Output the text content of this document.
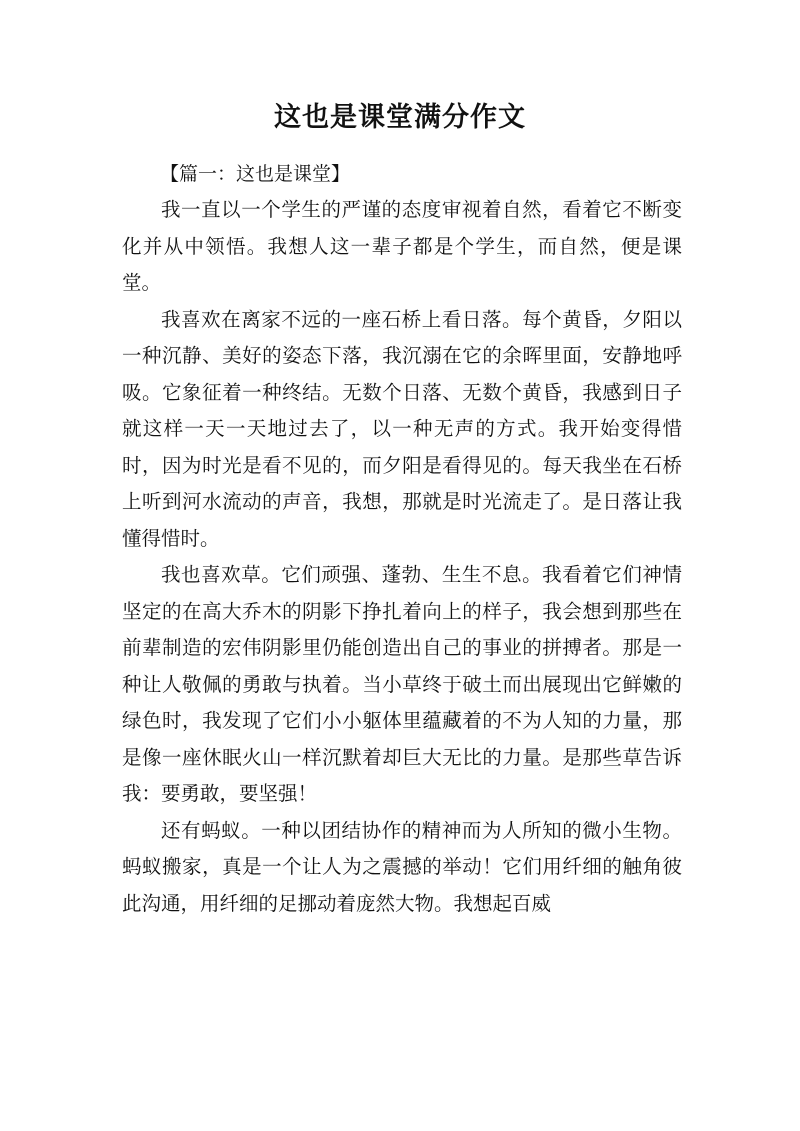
这也是课堂满分作文

【篇一：这也是课堂】

我一直以一个学生的严谨的态度审视着自然，看着它不断变化并从中领悟。我想人这一辈子都是个学生，而自然，便是课堂。

我喜欢在离家不远的一座石桥上看日落。每个黄昏，夕阳以一种沉静、美好的姿态下落，我沉溺在它的余晖里面，安静地呼吸。它象征着一种终结。无数个日落、无数个黄昏，我感到日子就这样一天一天地过去了，以一种无声的方式。我开始变得惜时，因为时光是看不见的，而夕阳是看得见的。每天我坐在石桥上听到河水流动的声音，我想，那就是时光流走了。是日落让我懂得惜时。

我也喜欢草。它们顽强、蓬勃、生生不息。我看着它们神情坚定的在高大乔木的阴影下挣扎着向上的样子，我会想到那些在前辈制造的宏伟阴影里仍能创造出自己的事业的拼搏者。那是一种让人敬佩的勇敢与执着。当小草终于破土而出展现出它鲜嫩的绿色时，我发现了它们小小躯体里蕴藏着的不为人知的力量，那是像一座休眠火山一样沉默着却巨大无比的力量。是那些草告诉我：要勇敢，要坚强！

还有蚂蚁。一种以团结协作的精神而为人所知的微小生物。蚂蚁搬家，真是一个让人为之震撼的举动！它们用纤细的触角彼此沟通，用纤细的足挪动着庞然大物。我想起百威
